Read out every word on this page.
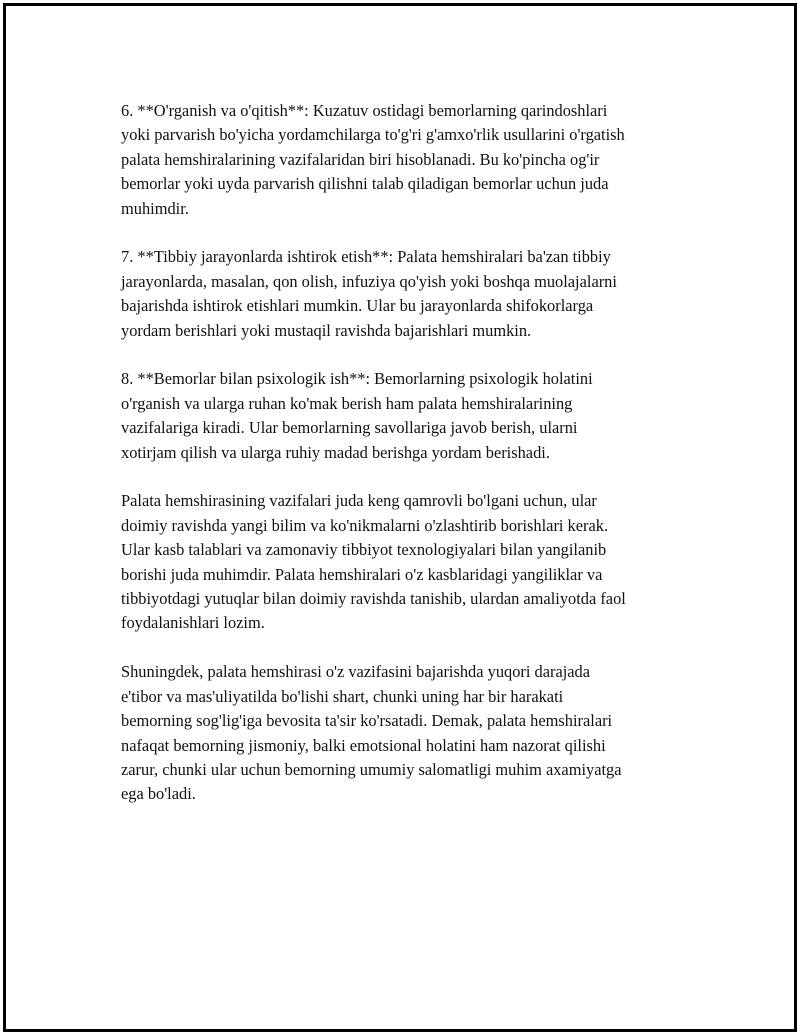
6. **O'rganish va o'qitish**: Kuzatuv ostidagi bemorlarning qarindoshlari
yoki parvarish bo'yicha yordamchilarga to'g'ri g'amxo'rlik usullarini o'rgatish
palata hemshiralarining vazifalaridan biri hisoblanadi. Bu ko'pincha og'ir
bemorlar yoki uyda parvarish qilishni talab qiladigan bemorlar uchun juda
muhimdir.

7. **Tibbiy jarayonlarda ishtirok etish**: Palata hemshiralari ba'zan tibbiy
jarayonlarda, masalan, qon olish, infuziya qo'yish yoki boshqa muolajalarni
bajarishda ishtirok etishlari mumkin. Ular bu jarayonlarda shifokorlarga
yordam berishlari yoki mustaqil ravishda bajarishlari mumkin.

8. **Bemorlar bilan psixologik ish**: Bemorlarning psixologik holatini
o'rganish va ularga ruhan ko'mak berish ham palata hemshiralarining
vazifalariga kiradi. Ular bemorlarning savollariga javob berish, ularni
xotirjam qilish va ularga ruhiy madad berishga yordam berishadi.

Palata hemshirasining vazifalari juda keng qamrovli bo'lgani uchun, ular
doimiy ravishda yangi bilim va ko'nikmalarni o'zlashtirib borishlari kerak.
Ular kasb talablari va zamonaviy tibbiyot texnologiyalari bilan yangilanib
borishi juda muhimdir. Palata hemshiralari o'z kasblaridagi yangiliklar va
tibbiyotdagi yutuqlar bilan doimiy ravishda tanishib, ulardan amaliyotda faol
foydalanishlari lozim.

Shuningdek, palata hemshirasi o'z vazifasini bajarishda yuqori darajada
e'tibor va mas'uliyatilda bo'lishi shart, chunki uning har bir harakati
bemorning sog'lig'iga bevosita ta'sir ko'rsatadi. Demak, palata hemshiralari
nafaqat bemorning jismoniy, balki emotsional holatini ham nazorat qilishi
zarur, chunki ular uchun bemorning umumiy salomatligi muhim axamiyatga
ega bo'ladi.
